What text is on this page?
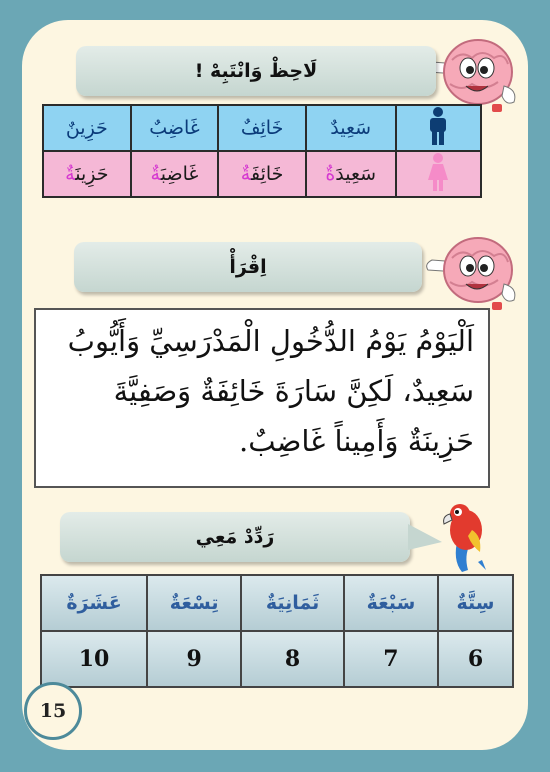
لَاحِظْ وَانْتَبِهْ !
حَزِينٌ	غَاضِبٌ	خَائِفٌ	سَعِيدٌ	
حَزِينَةٌ	غَاضِبَةٌ	خَائِفَةٌ	سَعِيدَةٌ	
اِقْرَأْ
اَلْيَوْمُ يَوْمُ الدُّخُولِ الْمَدْرَسِيِّ وَأَيُّوبُ
سَعِيدٌ، لَكِنَّ سَارَةَ خَائِفَةٌ وَصَفِيَّةَ
حَزِينَةٌ وَأَمِيناً غَاضِبٌ.
رَدِّدْ مَعِي
عَشَرَةٌ	تِسْعَةٌ	ثَمَانِيَةٌ	سَبْعَةٌ	سِتَّةٌ
10	9	8	7	6
15
